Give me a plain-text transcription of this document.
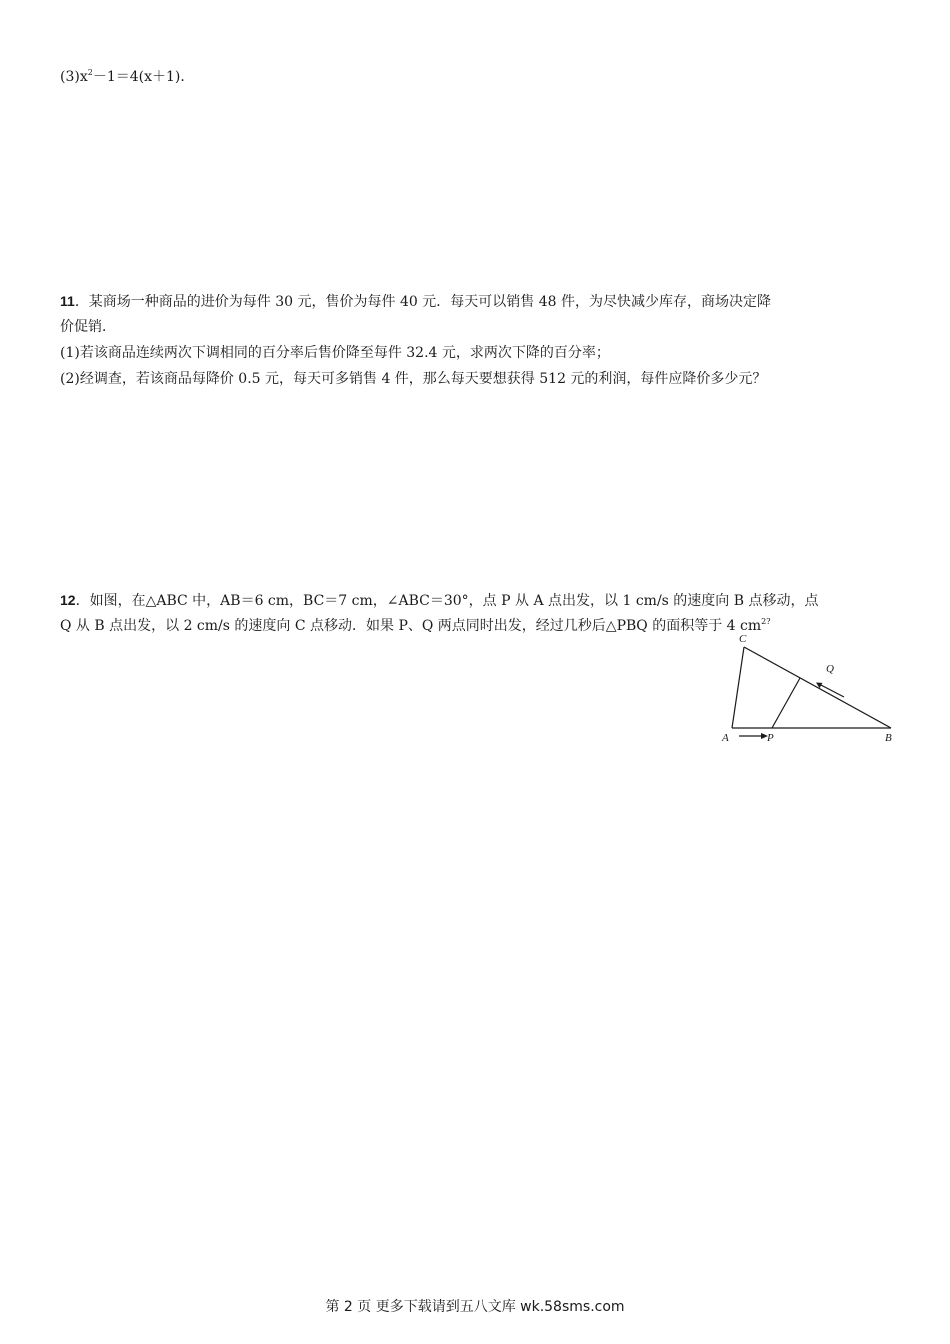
$(3)x^2-1=4(x+1)$．
11．某商场一种商品的进价为每件 30 元，售价为每件 40 元．每天可以销售 48 件，为尽快减少库存，商场决定降
价促销．
(1)若该商品连续两次下调相同的百分率后售价降至每件 32.4 元，求两次下降的百分率；
(2)经调查，若该商品每降价 0.5 元，每天可多销售 4 件，那么每天要想获得 512 元的利润，每件应降价多少元？
12．如图，在△ABC 中，AB＝6 cm，BC＝7 cm，∠ABC＝30°，点 P 从 A 点出发，以 1 cm/s 的速度向 B 点移动，点
Q 从 B 点出发，以 2 cm/s 的速度向 C 点移动．如果 P、Q 两点同时出发，经过几秒后△PBQ 的面积等于 4 $cm^{2?}$
A	B
C
P
Q
第 2 页 更多下载请到五八文库 wk.58sms.com
